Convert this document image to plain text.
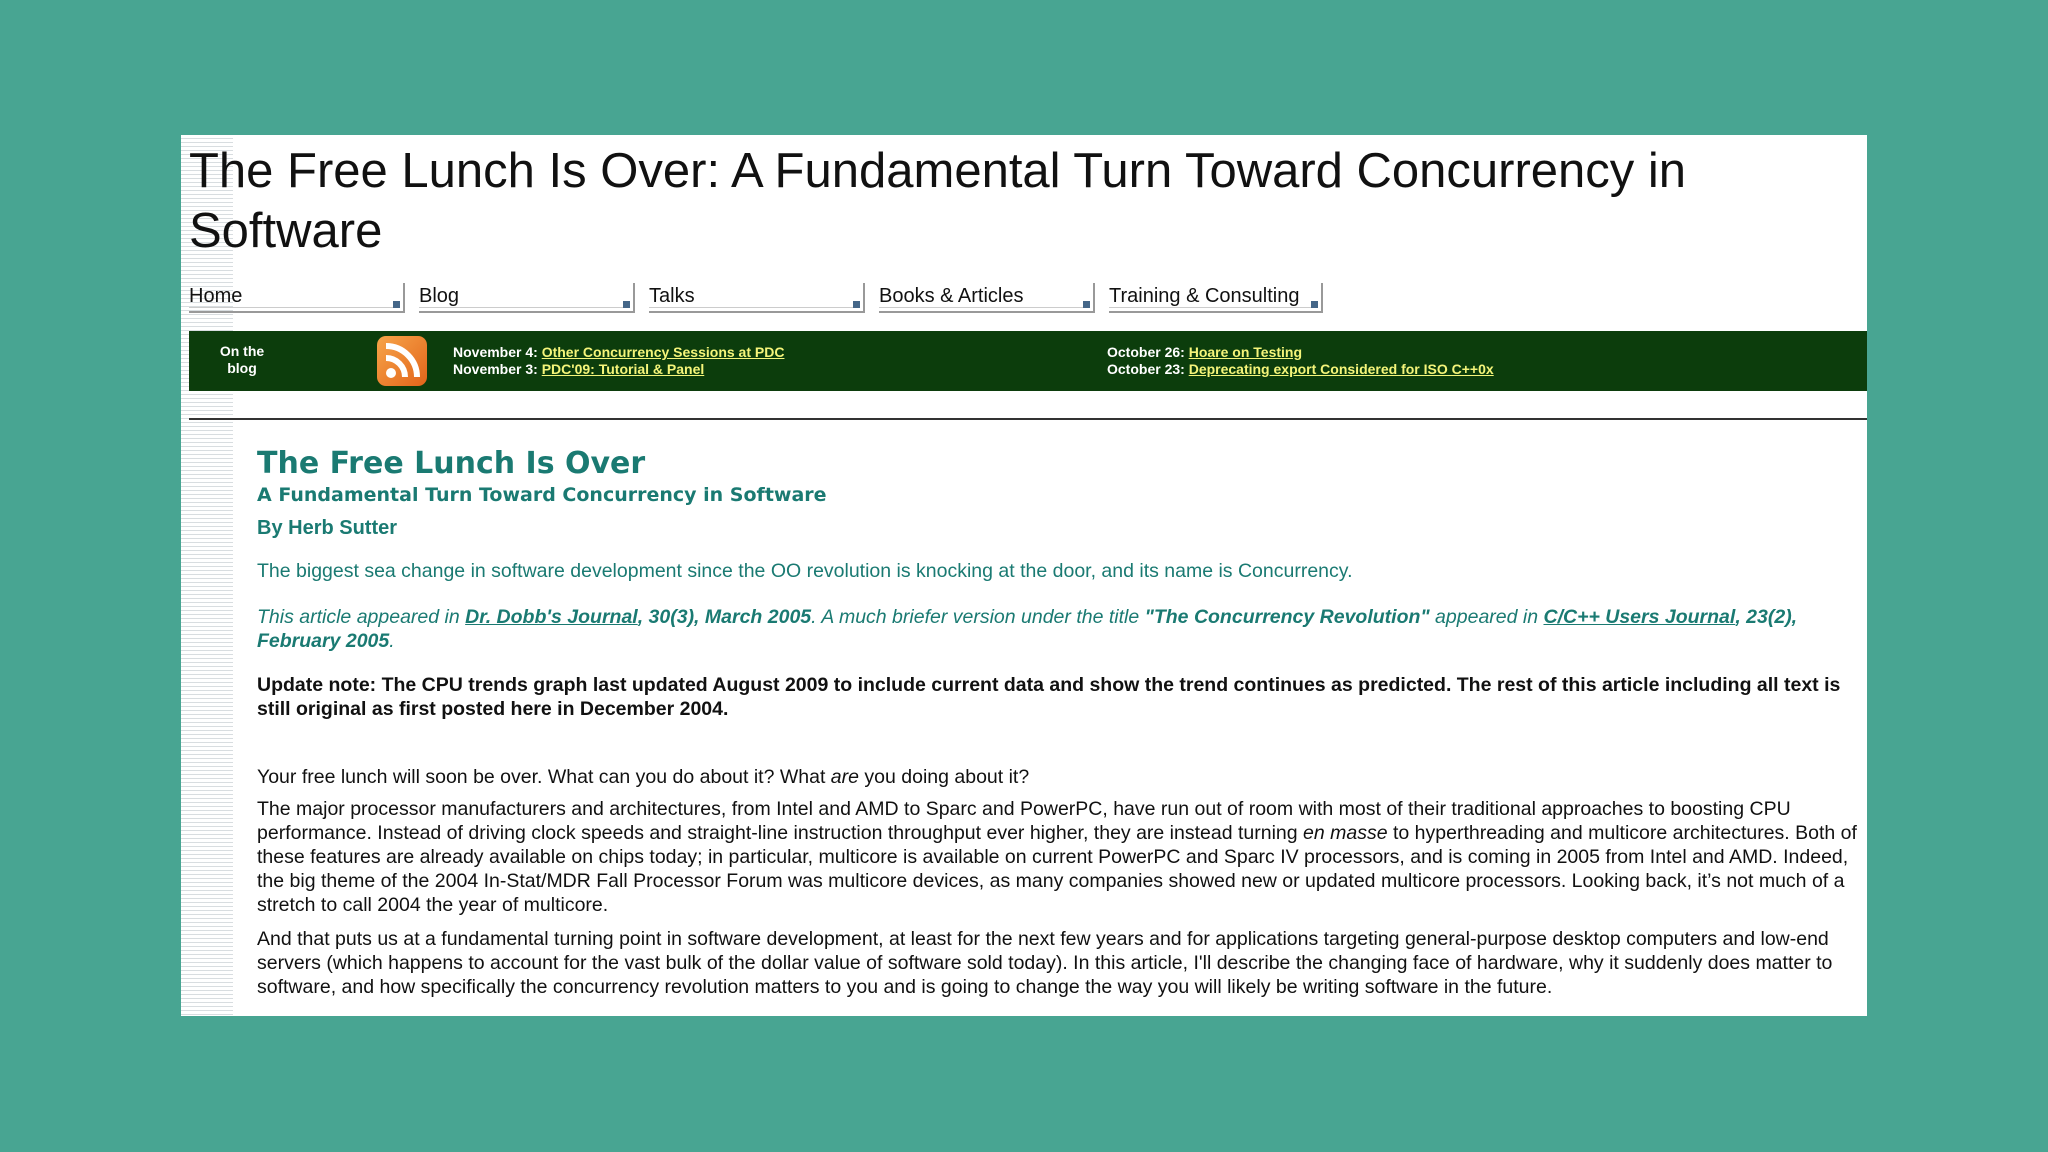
The Free Lunch Is Over: A Fundamental Turn Toward Concurrency in Software
Home	Blog	Talks	Books & Articles	Training & Consulting
On the
blog
November 4: Other Concurrency Sessions at PDC
November 3: PDC'09: Tutorial & Panel
October 26: Hoare on Testing
October 23: Deprecating export Considered for ISO C++0x
The Free Lunch Is Over
A Fundamental Turn Toward Concurrency in Software
By Herb Sutter

The biggest sea change in software development since the OO revolution is knocking at the door, and its name is Concurrency.

This article appeared in Dr. Dobb's Journal, 30(3), March 2005. A much briefer version under the title "The Concurrency Revolution" appeared in C/C++ Users Journal, 23(2), February 2005.

Update note: The CPU trends graph last updated August 2009 to include current data and show the trend continues as predicted. The rest of this article including all text is still original as first posted here in December 2004.

Your free lunch will soon be over. What can you do about it? What are you doing about it?

The major processor manufacturers and architectures, from Intel and AMD to Sparc and PowerPC, have run out of room with most of their traditional approaches to boosting CPU performance. Instead of driving clock speeds and straight-line instruction throughput ever higher, they are instead turning en masse to hyperthreading and multicore architectures. Both of these features are already available on chips today; in particular, multicore is available on current PowerPC and Sparc IV processors, and is coming in 2005 from Intel and AMD. Indeed, the big theme of the 2004 In-Stat/MDR Fall Processor Forum was multicore devices, as many companies showed new or updated multicore processors. Looking back, it’s not much of a stretch to call 2004 the year of multicore.

And that puts us at a fundamental turning point in software development, at least for the next few years and for applications targeting general-purpose desktop computers and low-end servers (which happens to account for the vast bulk of the dollar value of software sold today). In this article, I'll describe the changing face of hardware, why it suddenly does matter to software, and how specifically the concurrency revolution matters to you and is going to change the way you will likely be writing software in the future.
